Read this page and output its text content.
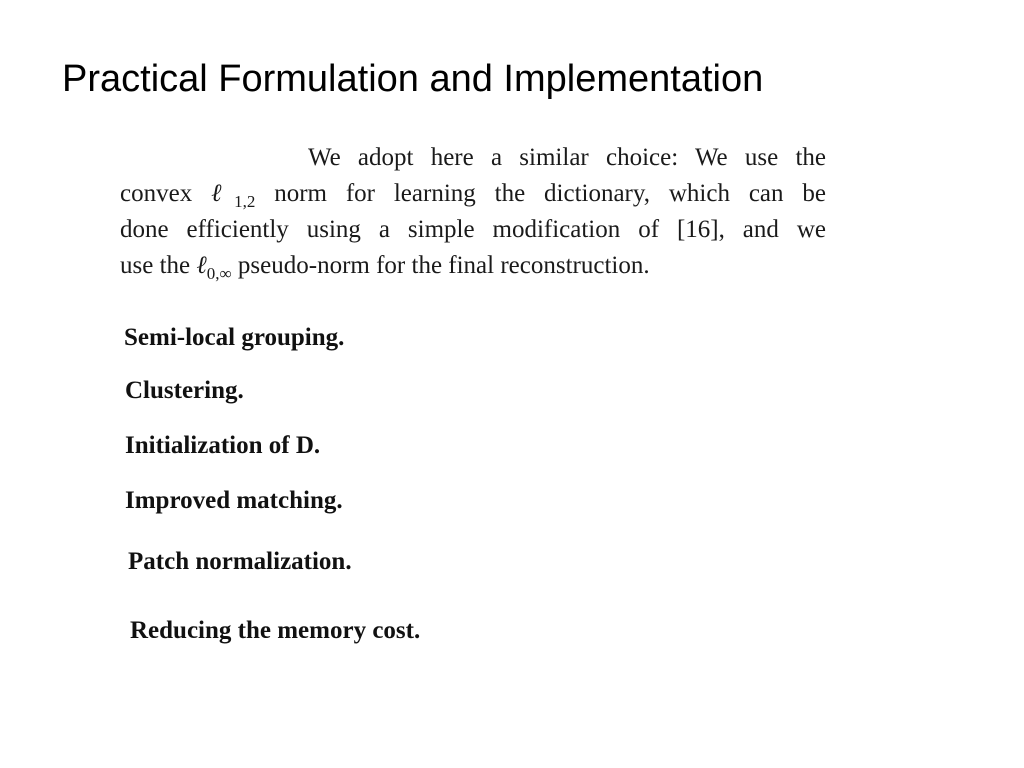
Practical Formulation and Implementation
We adopt here a similar choice: We use the
convex ℓ$_{1,2}$ norm for learning the dictionary, which can be
done efficiently using a simple modification of [16], and we
use the ℓ$_{0,\infty}$ pseudo-norm for the final reconstruction.
Semi-local grouping.
Clustering.
Initialization of D.
Improved matching.
Patch normalization.
Reducing the memory cost.
